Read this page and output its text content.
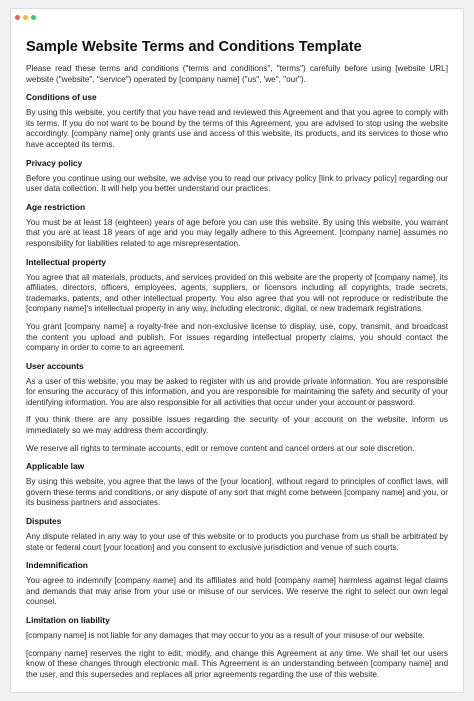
Sample Website Terms and Conditions Template

Please read these terms and conditions ("terms and conditions", "terms") carefully before using [website URL] website ("website", "service") operated by [company name] ("us", 'we", "our").

Conditions of use

By using this website, you certify that you have read and reviewed this Agreement and that you agree to comply with its terms. If you do not want to be bound by the terms of this Agreement, you are advised to stop using the website accordingly. [company name] only grants use and access of this website, its products, and its services to those who have accepted its terms.

Privacy policy

Before you continue using our website, we advise you to read our privacy policy [link to privacy policy] regarding our user data collection. It will help you better understand our practices.

Age restriction

You must be at least 18 (eighteen) years of age before you can use this website. By using this website, you warrant that you are at least 18 years of age and you may legally adhere to this Agreement. [company name] assumes no responsibility for liabilities related to age misrepresentation.

Intellectual property

You agree that all materials, products, and services provided on this website are the property of [company name], its affiliates, directors, officers, employees, agents, suppliers, or licensors including all copyrights, trade secrets, trademarks, patents, and other intellectual property. You also agree that you will not reproduce or redistribute the [company name]'s intellectual property in any way, including electronic, digital, or new trademark registrations.

You grant [company name] a royalty-free and non-exclusive license to display, use, copy, transmit, and broadcast the content you upload and publish. For issues regarding intellectual property claims, you should contact the company in order to come to an agreement.

User accounts

As a user of this website, you may be asked to register with us and provide private information. You are responsible for ensuring the accuracy of this information, and you are responsible for maintaining the safety and security of your identifying information. You are also responsible for all activities that occur under your account or password.

If you think there are any possible issues regarding the security of your account on the website, inform us immediately so we may address them accordingly.

We reserve all rights to terminate accounts, edit or remove content and cancel orders at our sole discretion.

Applicable law

By using this website, you agree that the laws of the [your location], without regard to principles of conflict laws, will govern these terms and conditions, or any dispute of any sort that might come between [company name] and you, or its business partners and associates.

Disputes

Any dispute related in any way to your use of this website or to products you purchase from us shall be arbitrated by state or federal court [your location] and you consent to exclusive jurisdiction and venue of such courts.

Indemnification

You agree to indemnify [company name] and its affiliates and hold [company name] harmless against legal claims and demands that may arise from your use or misuse of our services. We reserve the right to select our own legal counsel.

Limitation on liability

[company name] is not liable for any damages that may occur to you as a result of your misuse of our website.

[company name] reserves the right to edit, modify, and change this Agreement at any time. We shall let our users know of these changes through electronic mail. This Agreement is an understanding between [company name] and the user, and this supersedes and replaces all prior agreements regarding the use of this website.
